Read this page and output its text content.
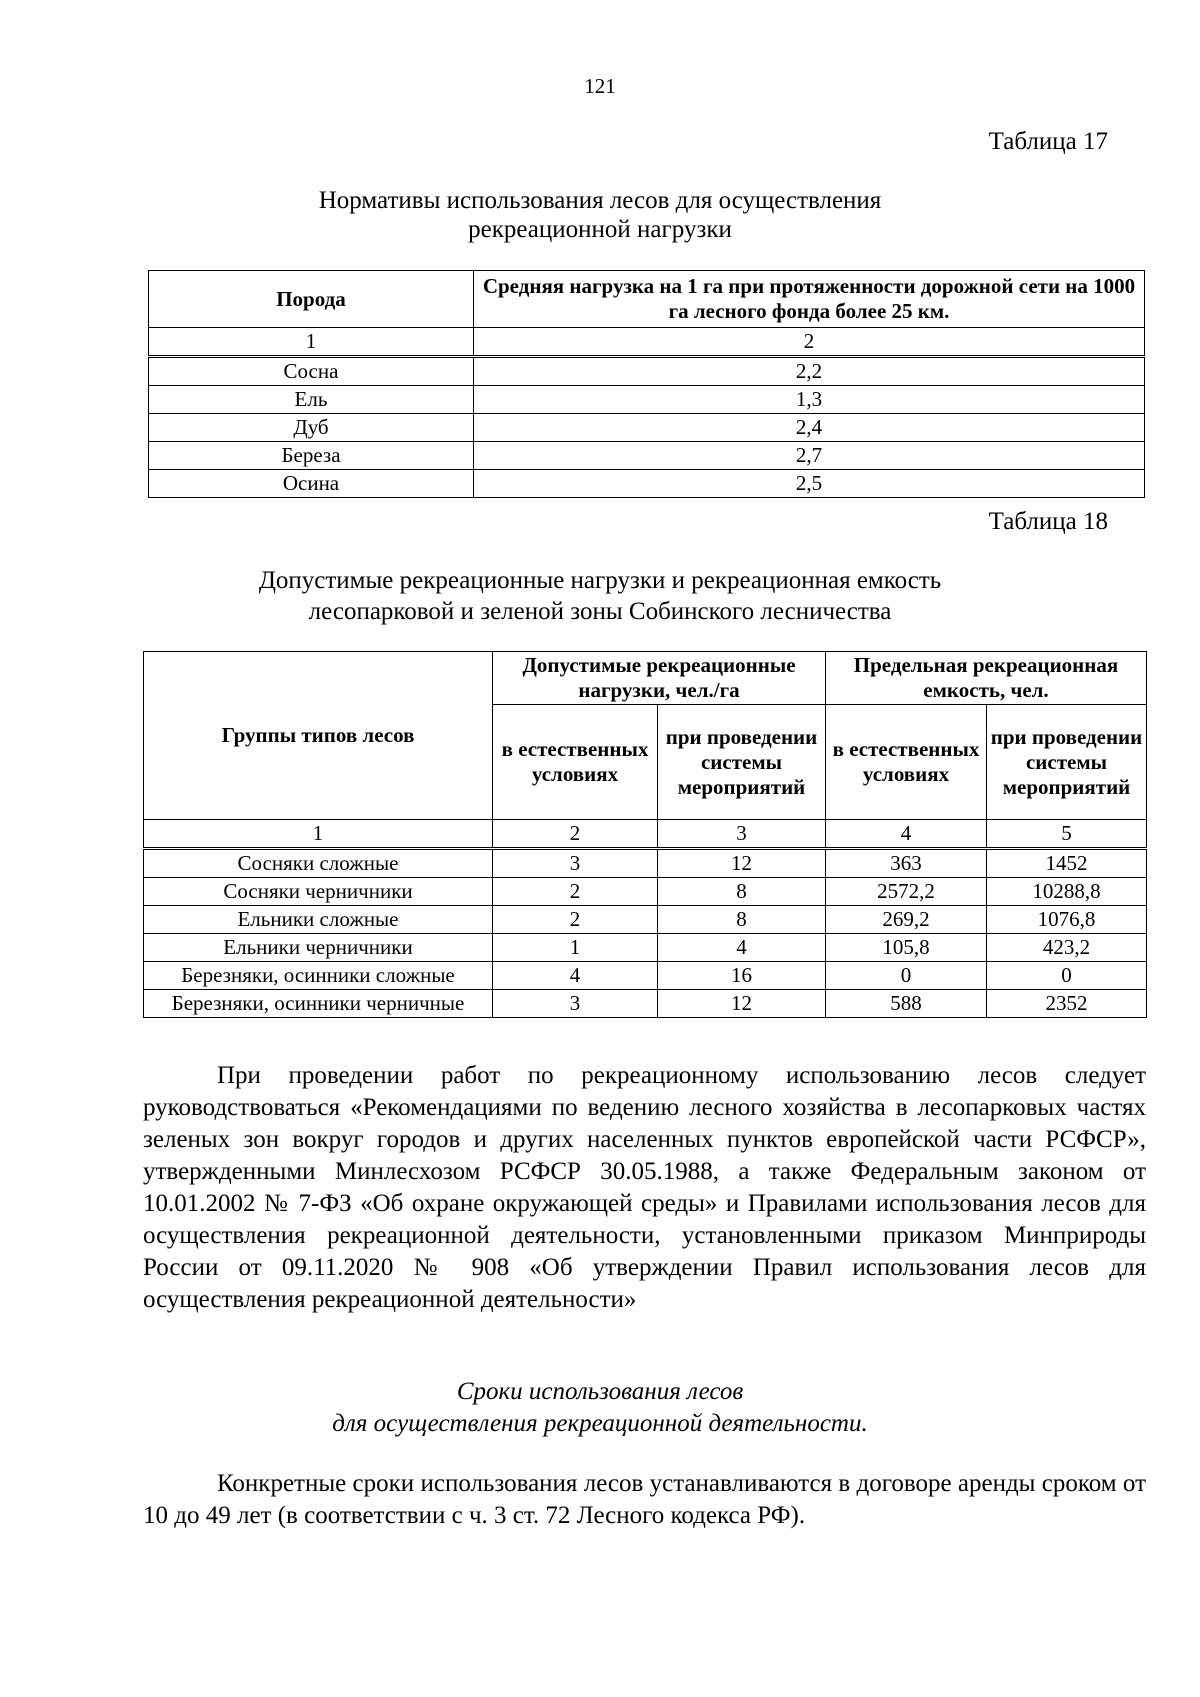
121
Таблица 17
Нормативы использования лесов для осуществления
рекреационной нагрузки
Порода	Средняя нагрузка на 1 га при протяженности дорожной сети на 1000 га лесного фонда более 25 км.
1	2
Сосна	2,2
Ель	1,3
Дуб	2,4
Береза	2,7
Осина	2,5
Таблица 18
Допустимые рекреационные нагрузки и рекреационная емкость
лесопарковой и зеленой зоны Собинского лесничества
Группы типов лесов	Допустимые рекреационные нагрузки, чел./га		Предельная рекреационная емкость, чел.	
	в естественных условиях	при проведении системы мероприятий	в естественных условиях	при проведении системы мероприятий
1	2	3	4	5
Сосняки сложные	3	12	363	1452
Сосняки черничники	2	8	2572,2	10288,8
Ельники сложные	2	8	269,2	1076,8
Ельники черничники	1	4	105,8	423,2
Березняки, осинники сложные	4	16	0	0
Березняки, осинники черничные	3	12	588	2352

При проведении работ по рекреационному использованию лесов следует руководствоваться «Рекомендациями по ведению лесного хозяйства в лесопарковых частях зеленых зон вокруг городов и других населенных пунктов европейской части РСФСР», утвержденными Минлесхозом РСФСР 30.05.1988, а также Федеральным законом от 10.01.2002 № 7-ФЗ «Об охране окружающей среды» и Правилами использования лесов для осуществления рекреационной деятельности, установленными приказом Минприроды России от 09.11.2020 № 908 «Об утверждении Правил использования лесов для осуществления рекреационной деятельности»

Сроки использования лесов
для осуществления рекреационной деятельности.

Конкретные сроки использования лесов устанавливаются в договоре аренды сроком от 10 до 49 лет (в соответствии с ч. 3 ст. 72 Лесного кодекса РФ).
